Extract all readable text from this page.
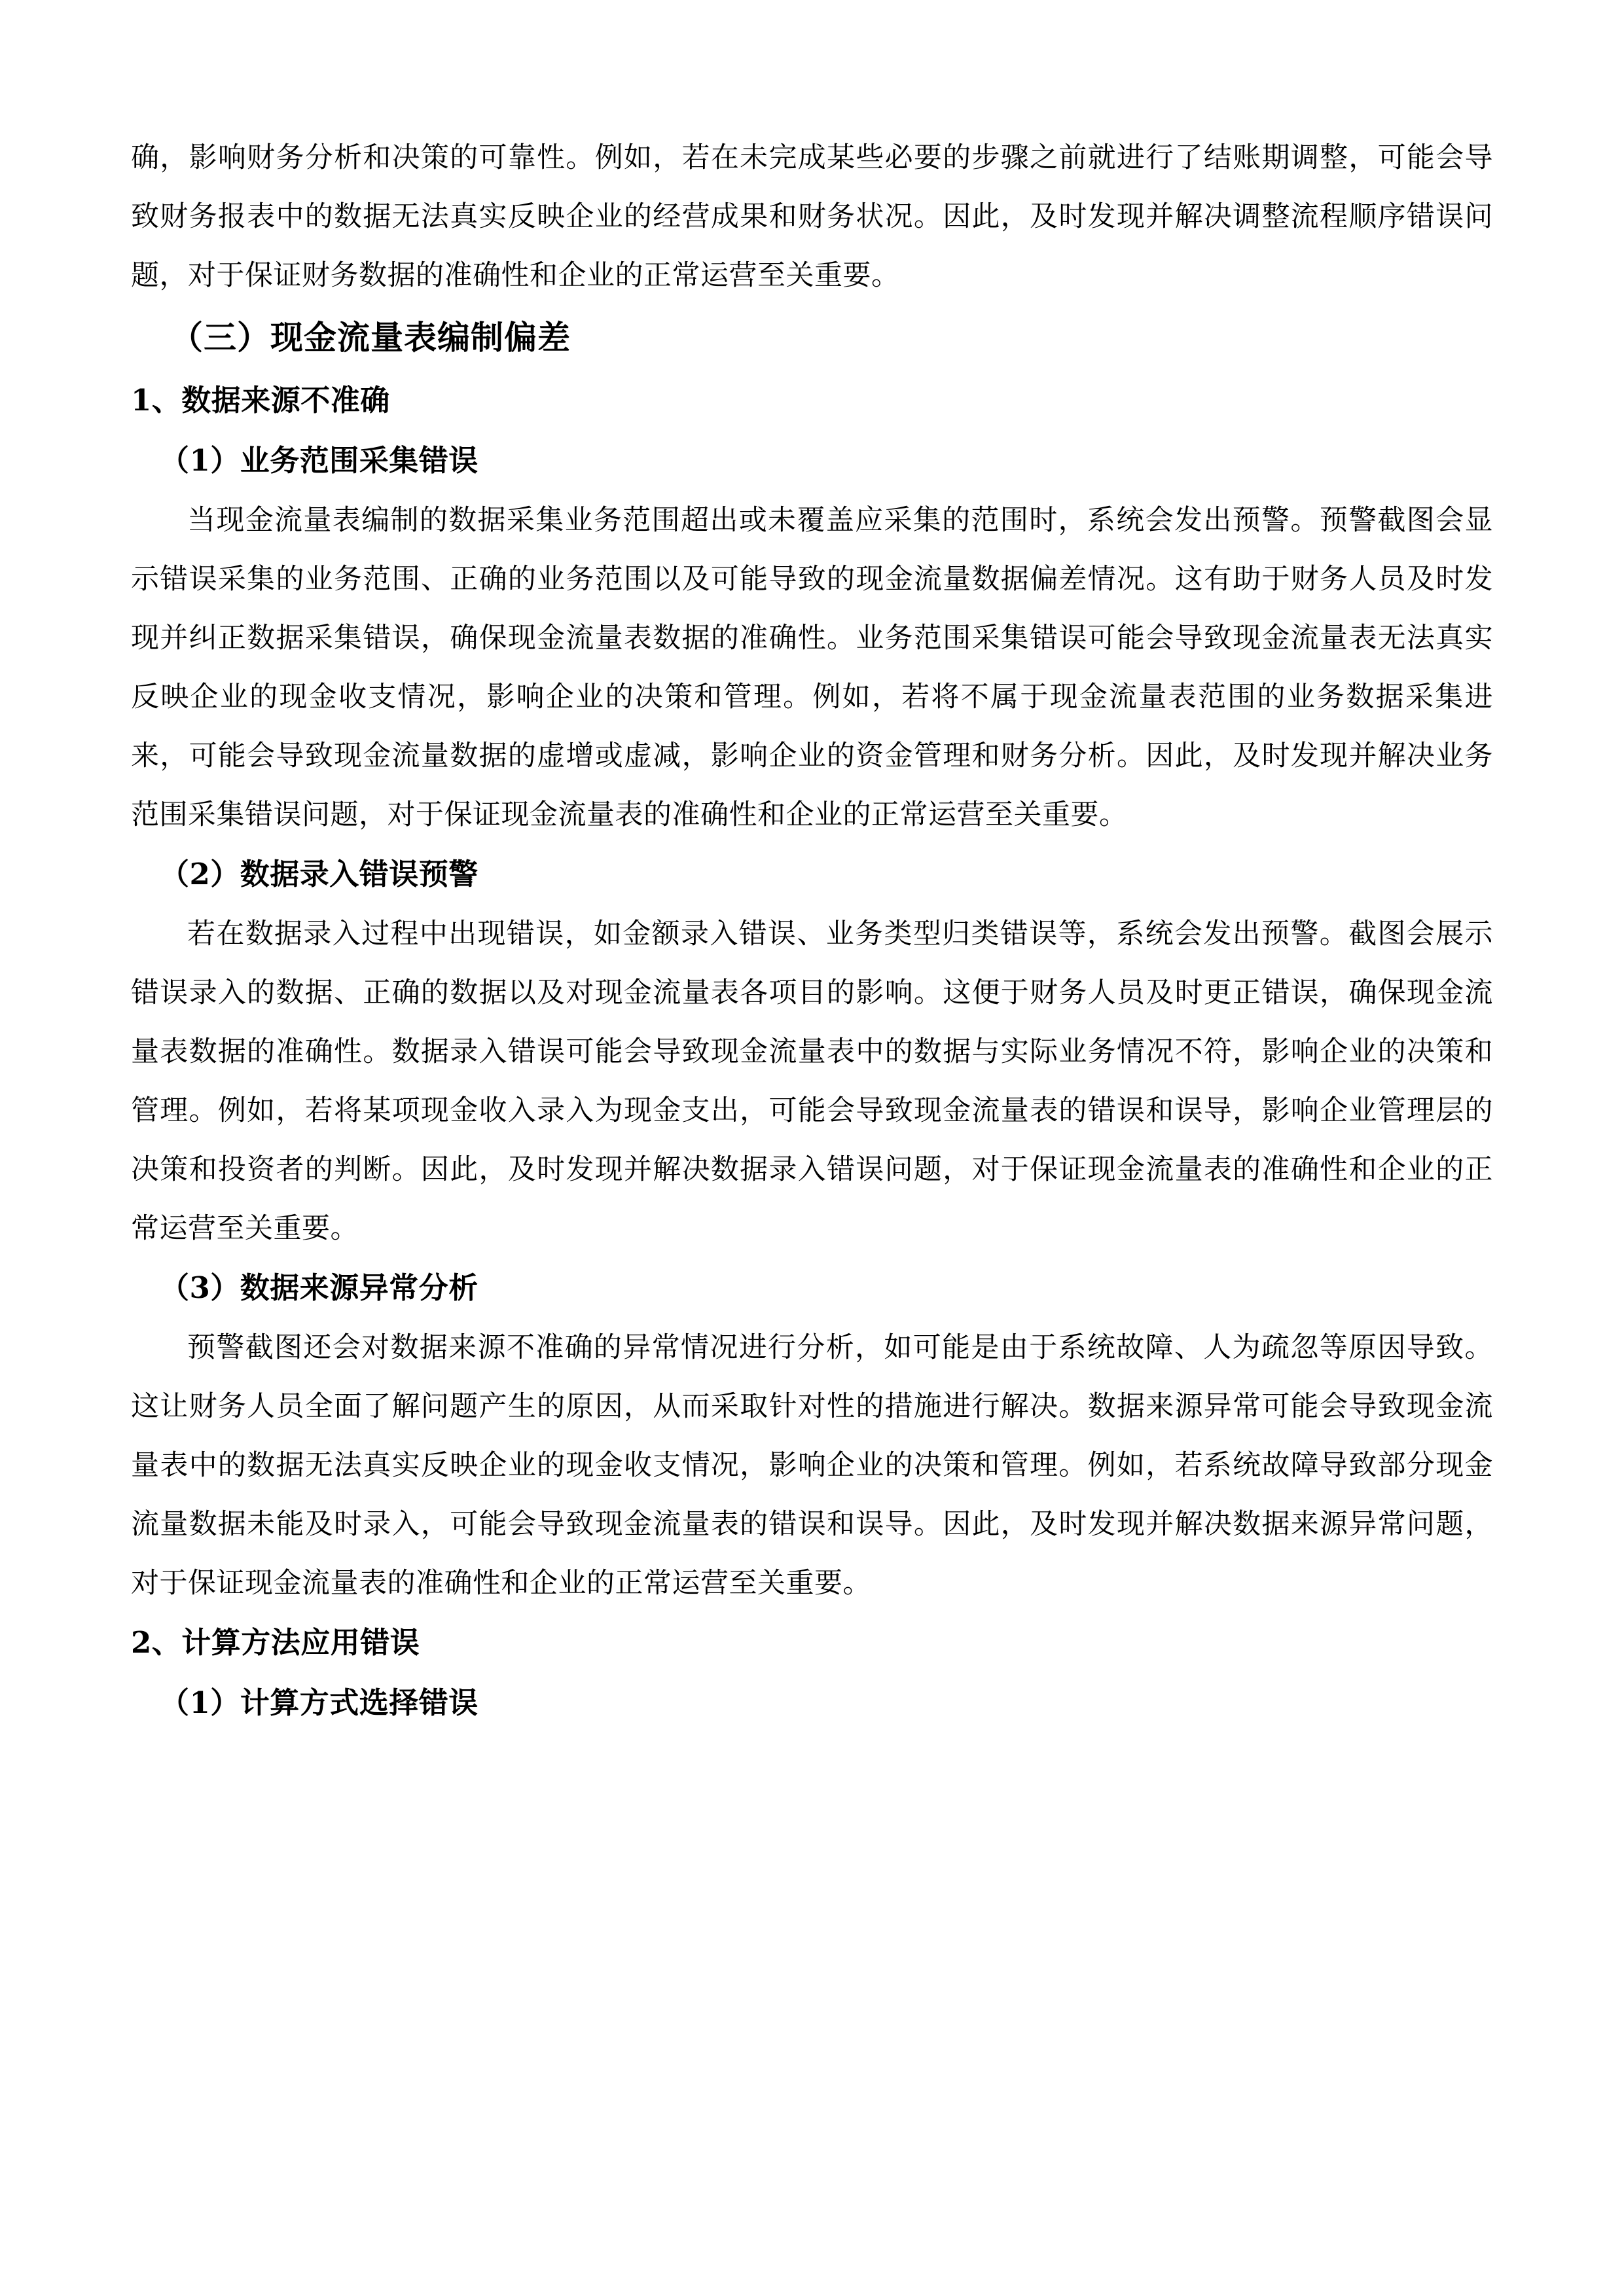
确，影响财务分析和决策的可靠性。例如，若在未完成某些必要的步骤之前就进行了结账期调整，可能会导致财务报表中的数据无法真实反映企业的经营成果和财务状况。因此，及时发现并解决调整流程顺序错误问题，对于保证财务数据的准确性和企业的正常运营至关重要。

（三）现金流量表编制偏差
1、数据来源不准确
（1）业务范围采集错误

当现金流量表编制的数据采集业务范围超出或未覆盖应采集的范围时，系统会发出预警。预警截图会显示错误采集的业务范围、正确的业务范围以及可能导致的现金流量数据偏差情况。这有助于财务人员及时发现并纠正数据采集错误，确保现金流量表数据的准确性。业务范围采集错误可能会导致现金流量表无法真实反映企业的现金收支情况，影响企业的决策和管理。例如，若将不属于现金流量表范围的业务数据采集进来，可能会导致现金流量数据的虚增或虚减，影响企业的资金管理和财务分析。因此，及时发现并解决业务范围采集错误问题，对于保证现金流量表的准确性和企业的正常运营至关重要。

（2）数据录入错误预警

若在数据录入过程中出现错误，如金额录入错误、业务类型归类错误等，系统会发出预警。截图会展示错误录入的数据、正确的数据以及对现金流量表各项目的影响。这便于财务人员及时更正错误，确保现金流量表数据的准确性。数据录入错误可能会导致现金流量表中的数据与实际业务情况不符，影响企业的决策和管理。例如，若将某项现金收入录入为现金支出，可能会导致现金流量表的错误和误导，影响企业管理层的决策和投资者的判断。因此，及时发现并解决数据录入错误问题，对于保证现金流量表的准确性和企业的正常运营至关重要。

（3）数据来源异常分析

预警截图还会对数据来源不准确的异常情况进行分析，如可能是由于系统故障、人为疏忽等原因导致。这让财务人员全面了解问题产生的原因，从而采取针对性的措施进行解决。数据来源异常可能会导致现金流量表中的数据无法真实反映企业的现金收支情况，影响企业的决策和管理。例如，若系统故障导致部分现金流量数据未能及时录入，可能会导致现金流量表的错误和误导。因此，及时发现并解决数据来源异常问题，对于保证现金流量表的准确性和企业的正常运营至关重要。

2、计算方法应用错误
（1）计算方式选择错误
